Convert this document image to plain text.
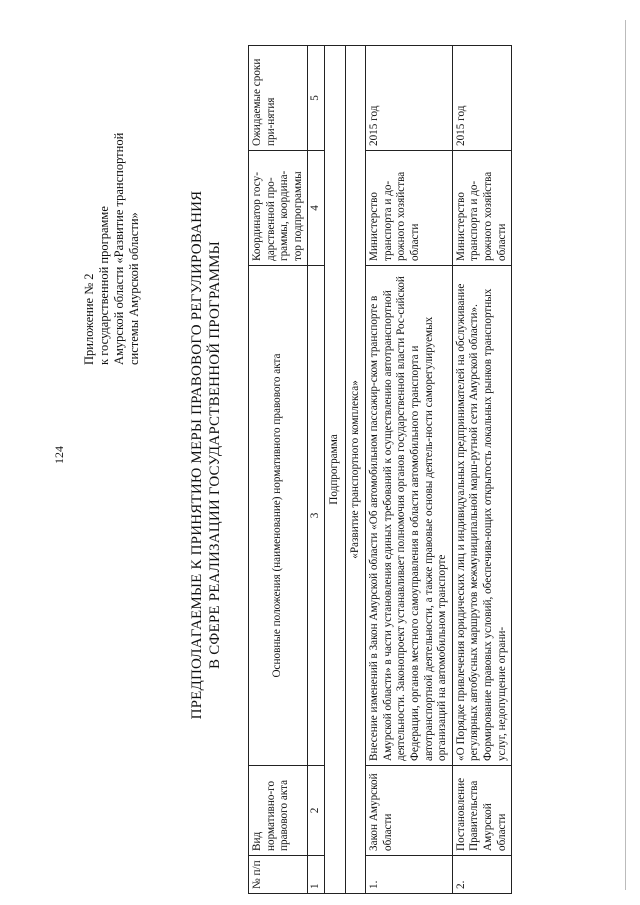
124
Приложение № 2 к государственной программе Амурской области «Развитие транспортной системы Амурской области»	ПРЕДПОЛАГАЕМЫЕ К ПРИНЯТИЮ МЕРЫ ПРАВОВОГО РЕГУЛИРОВАНИЯ В СФЕРЕ РЕАЛИЗАЦИИ ГОСУДАРСТВЕННОЙ ПРОГРАММЫ
№ п/п	Вид нормативно-го правового акта	Основные положения (наименование) нормативного правового акта	Координатор госу-дарственной про-граммы, координа-тор подпрограммы	Ожидаемые сроки при-нятия
1	2	3	4	5
Подпрограмма				
«Развитие транспортного комплекса»				
1.	Закон Амурской области	Внесение изменений в Закон Амурской области «Об автомобильном пассажир-ском транспорте в Амурской области» в части установления единых требований к осуществлению автотранспортной деятельности. Законопроект устанавливает полномочия органов государственной власти Рос-сийской Федерации, органов местного самоуправления в области автомобильного транспорта и автотранспортной деятельности, а также правовые основы деятель-ности саморегулируемых организаций на автомобильном транспорте	Министерство транспорта и до-рожного хозяйства области	2015 год
2.	Постановление Правительства Амурской области	«О Порядке привлечения юридических лиц и индивидуальных предпринимателей на обслуживание регулярных автобусных маршрутов межмуниципальной марш-рутной сети Амурской области». Формирование правовых условий, обеспечива-ющих открытость локальных рынков транспортных услуг, недопущение ограни-	Министерство транспорта и до-рожного хозяйства области	2015 год
